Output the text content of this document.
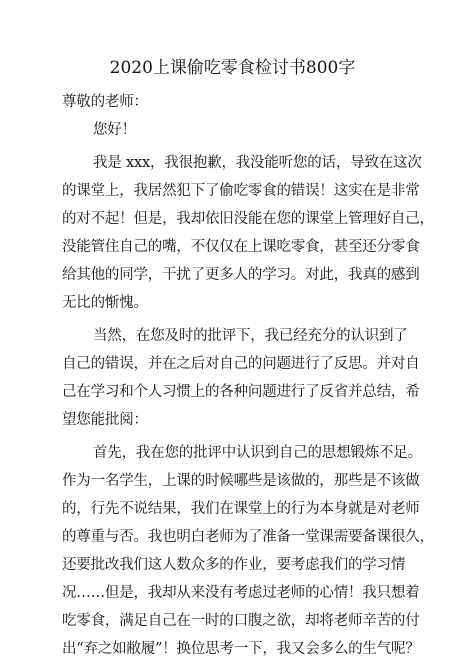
2020上课偷吃零食检讨书800字
尊敬的老师：
您好！
我是 xxx，我很抱歉，我没能听您的话，导致在这次
的课堂上，我居然犯下了偷吃零食的错误！这实在是非常
的对不起！但是，我却依旧没能在您的课堂上管理好自己，
没能管住自己的嘴，不仅仅在上课吃零食，甚至还分零食
给其他的同学，干扰了更多人的学习。对此，我真的感到
无比的惭愧。
当然，在您及时的批评下，我已经充分的认识到了
自己的错误，并在之后对自己的问题进行了反思。并对自
己在学习和个人习惯上的各种问题进行了反省并总结，希
望您能批阅：
首先，我在您的批评中认识到自己的思想锻炼不足。
作为一名学生，上课的时候哪些是该做的，那些是不该做
的，行先不说结果，我们在课堂上的行为本身就是对老师
的尊重与否。我也明白老师为了准备一堂课需要备课很久，
还要批改我们这人数众多的作业，要考虑我们的学习情
况……但是，我却从来没有考虑过老师的心情！我只想着
吃零食，满足自己在一时的口腹之欲，却将老师辛苦的付
出“弃之如敝履”！换位思考一下，我又会多么的生气呢？
